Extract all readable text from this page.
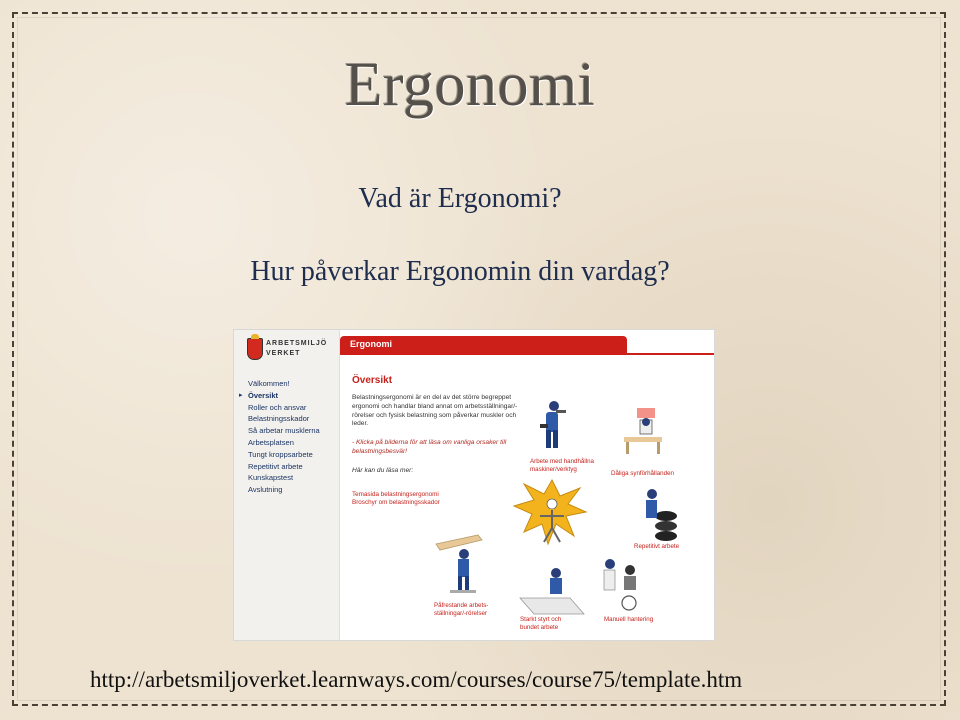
Ergonomi
Vad är Ergonomi?
Hur påverkar Ergonomin din vardag?
ARBETSMILJÖ
VERKET
Välkommen!
▸ Översikt
Roller och ansvar
Belastningsskador
Så arbetar musklerna
Arbetsplatsen
Tungt kroppsarbete
Repetitivt arbete
Kunskapstest
Avslutning
Ergonomi
Översikt
Belastningsergonomi är en del av det större begreppet ergonomi och handlar bland annat om arbetsställningar/-rörelser och fysisk belastning som påverkar muskler och leder.
- Klicka på bilderna för att läsa om vanliga orsaker till belastningsbesvär!
Här kan du läsa mer:
Temasida belastningsergonomi
Broschyr om belastningsskador
Arbete med handhållna maskiner/verktyg
Dåliga synförhållanden
Repetitivt arbete
Påfrestande arbets- ställningar/-rörelser
Starkt styrt och bundet arbete
Manuell hantering
http://arbetsmiljoverket.learnways.com/courses/course75/template.htm
